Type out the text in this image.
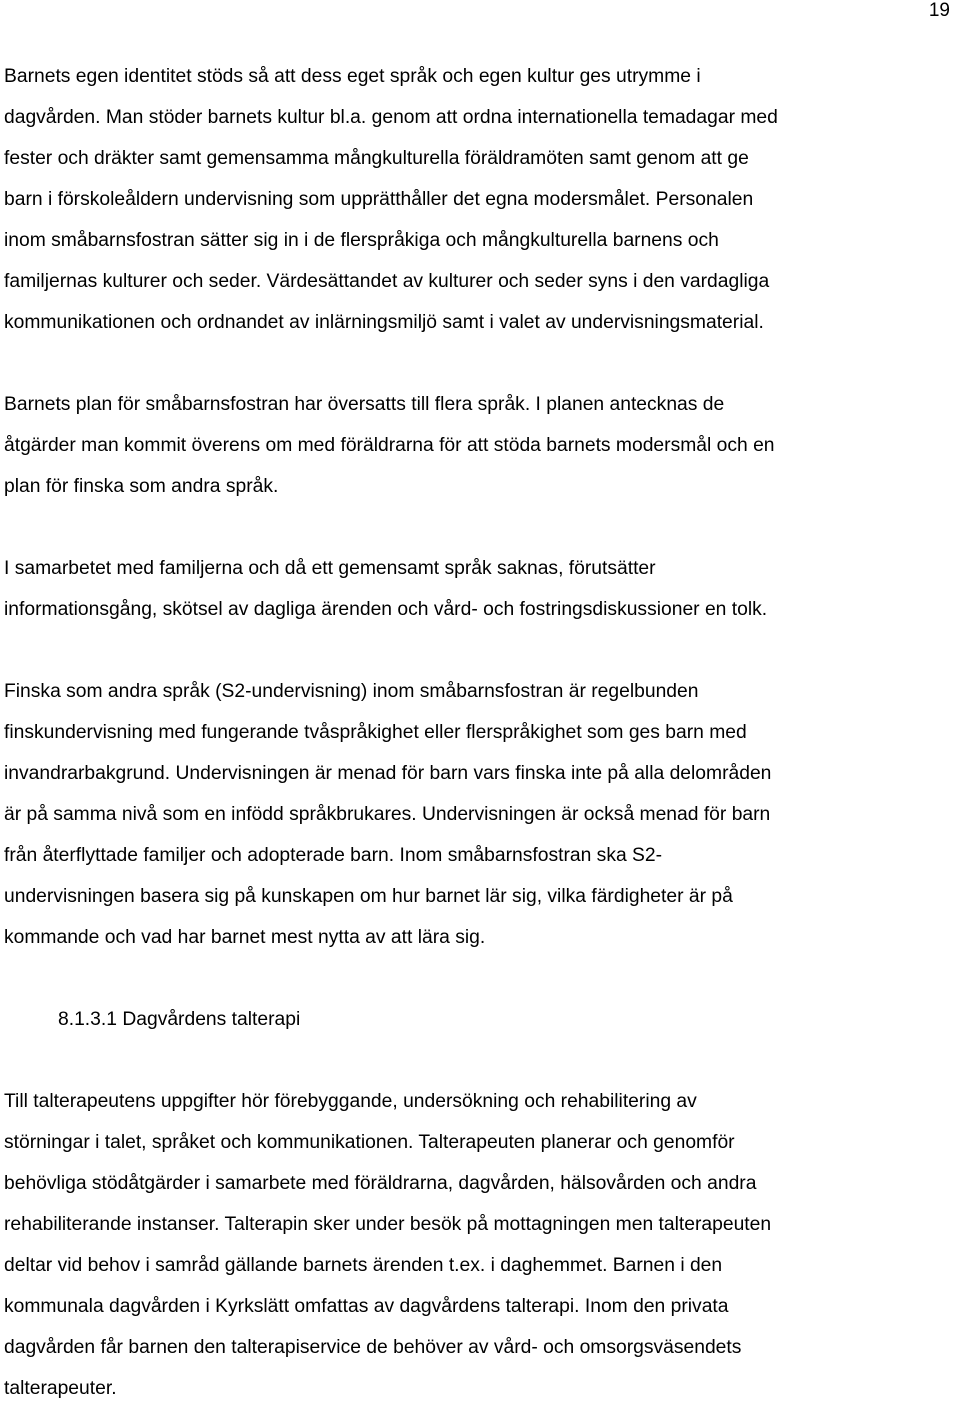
19

Barnets egen identitet stöds så att dess eget språk och egen kultur ges utrymme i
dagvården. Man stöder barnets kultur bl.a. genom att ordna internationella temadagar med
fester och dräkter samt gemensamma mångkulturella föräldramöten samt genom att ge
barn i förskoleåldern undervisning som upprätthåller det egna modersmålet. Personalen
inom småbarnsfostran sätter sig in i de flerspråkiga och mångkulturella barnens och
familjernas kulturer och seder. Värdesättandet av kulturer och seder syns i den vardagliga
kommunikationen och ordnandet av inlärningsmiljö samt i valet av undervisningsmaterial.

Barnets plan för småbarnsfostran har översatts till flera språk. I planen antecknas de
åtgärder man kommit överens om med föräldrarna för att stöda barnets modersmål och en
plan för finska som andra språk.

I samarbetet med familjerna och då ett gemensamt språk saknas, förutsätter
informationsgång, skötsel av dagliga ärenden och vård- och fostringsdiskussioner en tolk.

Finska som andra språk (S2-undervisning) inom småbarnsfostran är regelbunden
finskundervisning med fungerande tvåspråkighet eller flerspråkighet som ges barn med
invandrarbakgrund. Undervisningen är menad för barn vars finska inte på alla delområden
är på samma nivå som en infödd språkbrukares. Undervisningen är också menad för barn
från återflyttade familjer och adopterade barn. Inom småbarnsfostran ska S2-
undervisningen basera sig på kunskapen om hur barnet lär sig, vilka färdigheter är på
kommande och vad har barnet mest nytta av att lära sig.

8.1.3.1 Dagvårdens talterapi

Till talterapeutens uppgifter hör förebyggande, undersökning och rehabilitering av
störningar i talet, språket och kommunikationen. Talterapeuten planerar och genomför
behövliga stödåtgärder i samarbete med föräldrarna, dagvården, hälsovården och andra
rehabiliterande instanser. Talterapin sker under besök på mottagningen men talterapeuten
deltar vid behov i samråd gällande barnets ärenden t.ex. i daghemmet. Barnen i den
kommunala dagvården i Kyrkslätt omfattas av dagvårdens talterapi. Inom den privata
dagvården får barnen den talterapiservice de behöver av vård- och omsorgsväsendets
talterapeuter.
